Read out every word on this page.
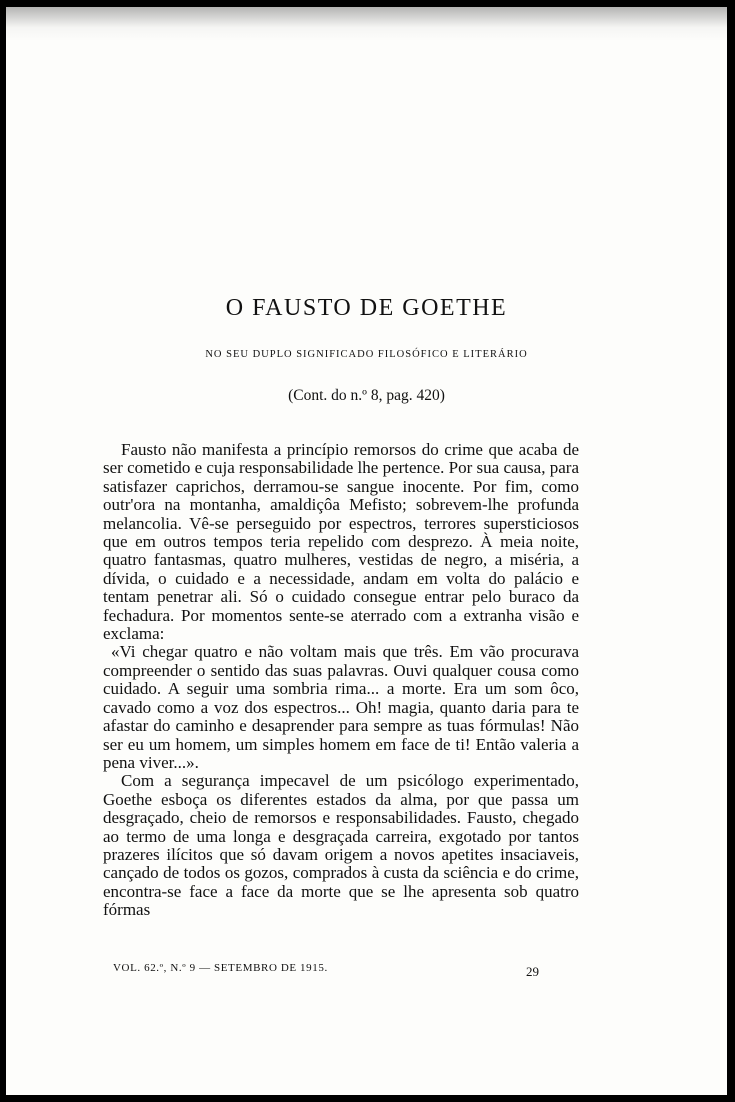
O FAUSTO DE GOETHE

NO SEU DUPLO SIGNIFICADO FILOSÓFICO E LITERÁRIO

(Cont. do n.º 8, pag. 420)

Fausto não manifesta a princípio remorsos do crime que acaba de ser cometido e cuja responsabilidade lhe pertence. Por sua causa, para satisfazer caprichos, derramou-se sangue inocente. Por fim, como outr'ora na montanha, amaldiçôa Mefisto; sobrevem-lhe profunda melancolia. Vê-se perseguido por espectros, terrores supersticiosos que em outros tempos teria repelido com desprezo. À meia noite, quatro fantasmas, quatro mulheres, vestidas de negro, a miséria, a dívida, o cuidado e a necessidade, andam em volta do palácio e tentam penetrar ali. Só o cuidado consegue entrar pelo buraco da fechadura. Por momentos sente-se aterrado com a extranha visão e exclama:

«Vi chegar quatro e não voltam mais que três. Em vão procurava compreender o sentido das suas palavras. Ouvi qualquer cousa como cuidado. A seguir uma sombria rima... a morte. Era um som ôco, cavado como a voz dos espectros... Oh! magia, quanto daria para te afastar do caminho e desaprender para sempre as tuas fórmulas! Não ser eu um homem, um simples homem em face de ti! Então valeria a pena viver...».

Com a segurança impecavel de um psicólogo experimentado, Goethe esboça os diferentes estados da alma, por que passa um desgraçado, cheio de remorsos e responsabilidades. Fausto, chegado ao termo de uma longa e desgraçada carreira, exgotado por tantos prazeres ilícitos que só davam origem a novos apetites insaciaveis, cançado de todos os gozos, comprados à custa da sciência e do crime, encontra-se face a face da morte que se lhe apresenta sob quatro fórmas

VOL. 62.º, N.º 9 — SETEMBRO DE 1915.	29
